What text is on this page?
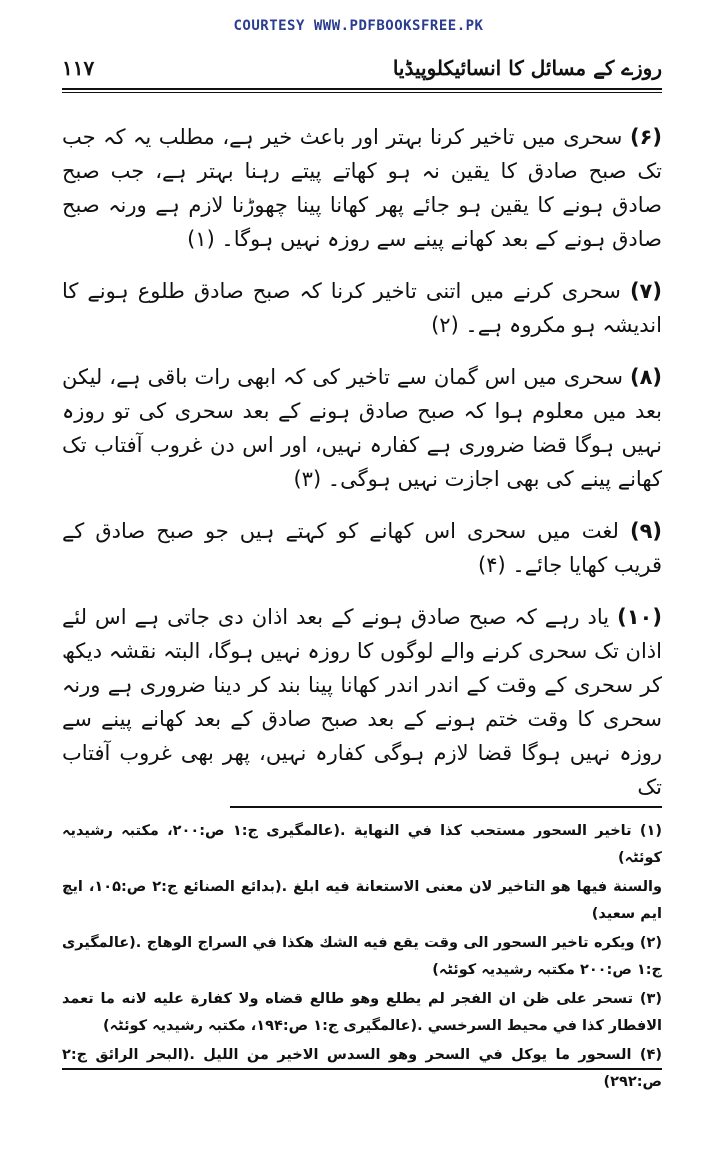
COURTESY WWW.PDFBOOKSFREE.PK
روزے کے مسائل کا انسائیکلوپیڈیا
۱۱۷

(۶) سحری میں تاخیر کرنا بہتر اور باعث خیر ہے، مطلب یہ کہ جب تک صبح صادق کا یقین نہ ہو کھاتے پیتے رہنا بہتر ہے، جب صبح صادق ہونے کا یقین ہو جائے پھر کھانا پینا چھوڑنا لازم ہے ورنہ صبح صادق ہونے کے بعد کھانے پینے سے روزہ نہیں ہوگا۔ (۱)

(۷) سحری کرنے میں اتنی تاخیر کرنا کہ صبح صادق طلوع ہونے کا اندیشہ ہو مکروہ ہے۔ (۲)

(۸) سحری میں اس گمان سے تاخیر کی کہ ابھی رات باقی ہے، لیکن بعد میں معلوم ہوا کہ صبح صادق ہونے کے بعد سحری کی تو روزہ نہیں ہوگا قضا ضروری ہے کفارہ نہیں، اور اس دن غروب آفتاب تک کھانے پینے کی بھی اجازت نہیں ہوگی۔ (۳)

(۹) لغت میں سحری اس کھانے کو کہتے ہیں جو صبح صادق کے قریب کھایا جائے۔ (۴)

(۱۰) یاد رہے کہ صبح صادق ہونے کے بعد اذان دی جاتی ہے اس لئے اذان تک سحری کرنے والے لوگوں کا روزہ نہیں ہوگا، البتہ نقشہ دیکھ کر سحری کے وقت کے اندر اندر کھانا پینا بند کر دینا ضروری ہے ورنہ سحری کا وقت ختم ہونے کے بعد صبح صادق کے بعد کھانے پینے سے روزہ نہیں ہوگا قضا لازم ہوگی کفارہ نہیں، پھر بھی غروب آفتاب تک

(۱) تاخیر السحور مستحب كذا في النهاية .(عالمگیری ج:۱ ص:۲۰۰، مکتبہ رشیدیہ کوئٹہ)

والسنة فيها هو التاخير لان معنى الاستعانة فيه ابلغ .(بدائع الصنائع ج:۲ ص:۱۰۵، ایچ ایم سعید)

(۲) ويكره تاخير السحور الى وقت يقع فيه الشك هكذا في السراج الوهاج .(عالمگیری ج:۱ ص:۲۰۰ مکتبہ رشیدیہ کوئٹہ)

(۳) تسحر على ظن ان الفجر لم يطلع وهو طالع قضاه ولا كفارة عليه لانه ما تعمد الافطار كذا في محيط السرخسي .(عالمگیری ج:۱ ص:۱۹۴، مکتبہ رشیدیہ کوئٹہ)

(۴) السحور ما يوكل في السحر وهو السدس الاخير من الليل .(البحر الرائق ج:۲ ص:۲۹۲)
